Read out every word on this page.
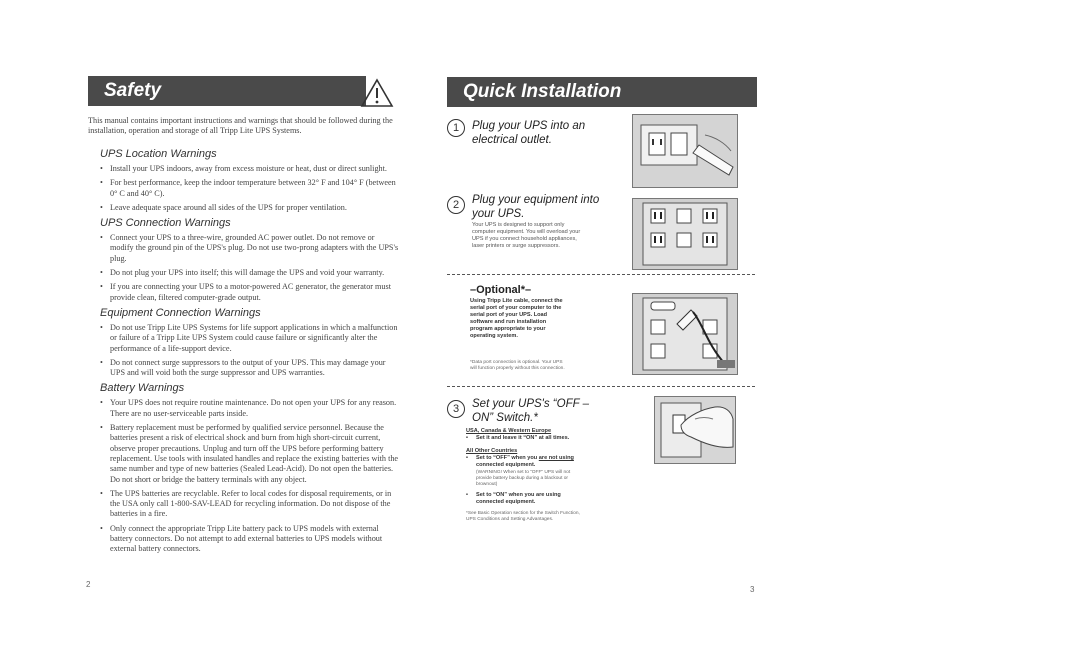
Safety
This manual contains important instructions and warnings that should be followed during the installation, operation and storage of all Tripp Lite UPS Systems.
UPS Location Warnings
• Install your UPS indoors, away from excess moisture or heat, dust or direct sunlight.
• For best performance, keep the indoor temperature between 32° F and 104° F (between 0° C and 40° C).
• Leave adequate space around all sides of the UPS for proper ventilation.
UPS Connection Warnings
• Connect your UPS to a three-wire, grounded AC power outlet. Do not remove or modify the ground pin of the UPS's plug. Do not use two-prong adapters with the UPS's plug.
• Do not plug your UPS into itself; this will damage the UPS and void your warranty.
• If you are connecting your UPS to a motor-powered AC generator, the generator must provide clean, filtered computer-grade output.
Equipment Connection Warnings
• Do not use Tripp Lite UPS Systems for life support applications in which a malfunction or failure of a Tripp Lite UPS System could cause failure or significantly alter the performance of a life-support device.
• Do not connect surge suppressors to the output of your UPS. This may damage your UPS and will void both the surge suppressor and UPS warranties.
Battery Warnings
• Your UPS does not require routine maintenance. Do not open your UPS for any reason. There are no user-serviceable parts inside.
• Battery replacement must be performed by qualified service personnel. Because the batteries present a risk of electrical shock and burn from high short-circuit current, observe proper precautions. Unplug and turn off the UPS before performing battery replacement. Use tools with insulated handles and replace the existing batteries with the same number and type of new batteries (Sealed Lead-Acid). Do not open the batteries. Do not short or bridge the battery terminals with any object.
• The UPS batteries are recyclable. Refer to local codes for disposal requirements, or in the USA only call 1-800-SAV-LEAD for recycling information. Do not dispose of the batteries in a fire.
• Only connect the appropriate Tripp Lite battery pack to UPS models with external battery connectors. Do not attempt to add external batteries to UPS models without external battery connectors.
2
Quick Installation
1	Plug your UPS into an electrical outlet.
2	Plug your equipment into your UPS.
Your UPS is designed to support only computer equipment. You will overload your UPS if you connect household appliances, laser printers or surge suppressors.
–Optional*–
Using Tripp Lite cable, connect the serial port of your computer to the serial port of your UPS. Load software and run installation program appropriate to your operating system.
*Data port connection is optional. Your UPS will function properly without this connection.
3	Set your UPS's “OFF – ON” Switch.*
USA, Canada & Western Europe
• Set it and leave it “ON” at all times.
All Other Countries
• Set to “OFF” when you are not using connected equipment.
(WARNING! When set to “OFF” UPS will not provide battery backup during a blackout or brownout)
• Set to “ON” when you are using connected equipment.
*See Basic Operation section for the Switch Function, UPS Conditions and Setting Advantages.
3
